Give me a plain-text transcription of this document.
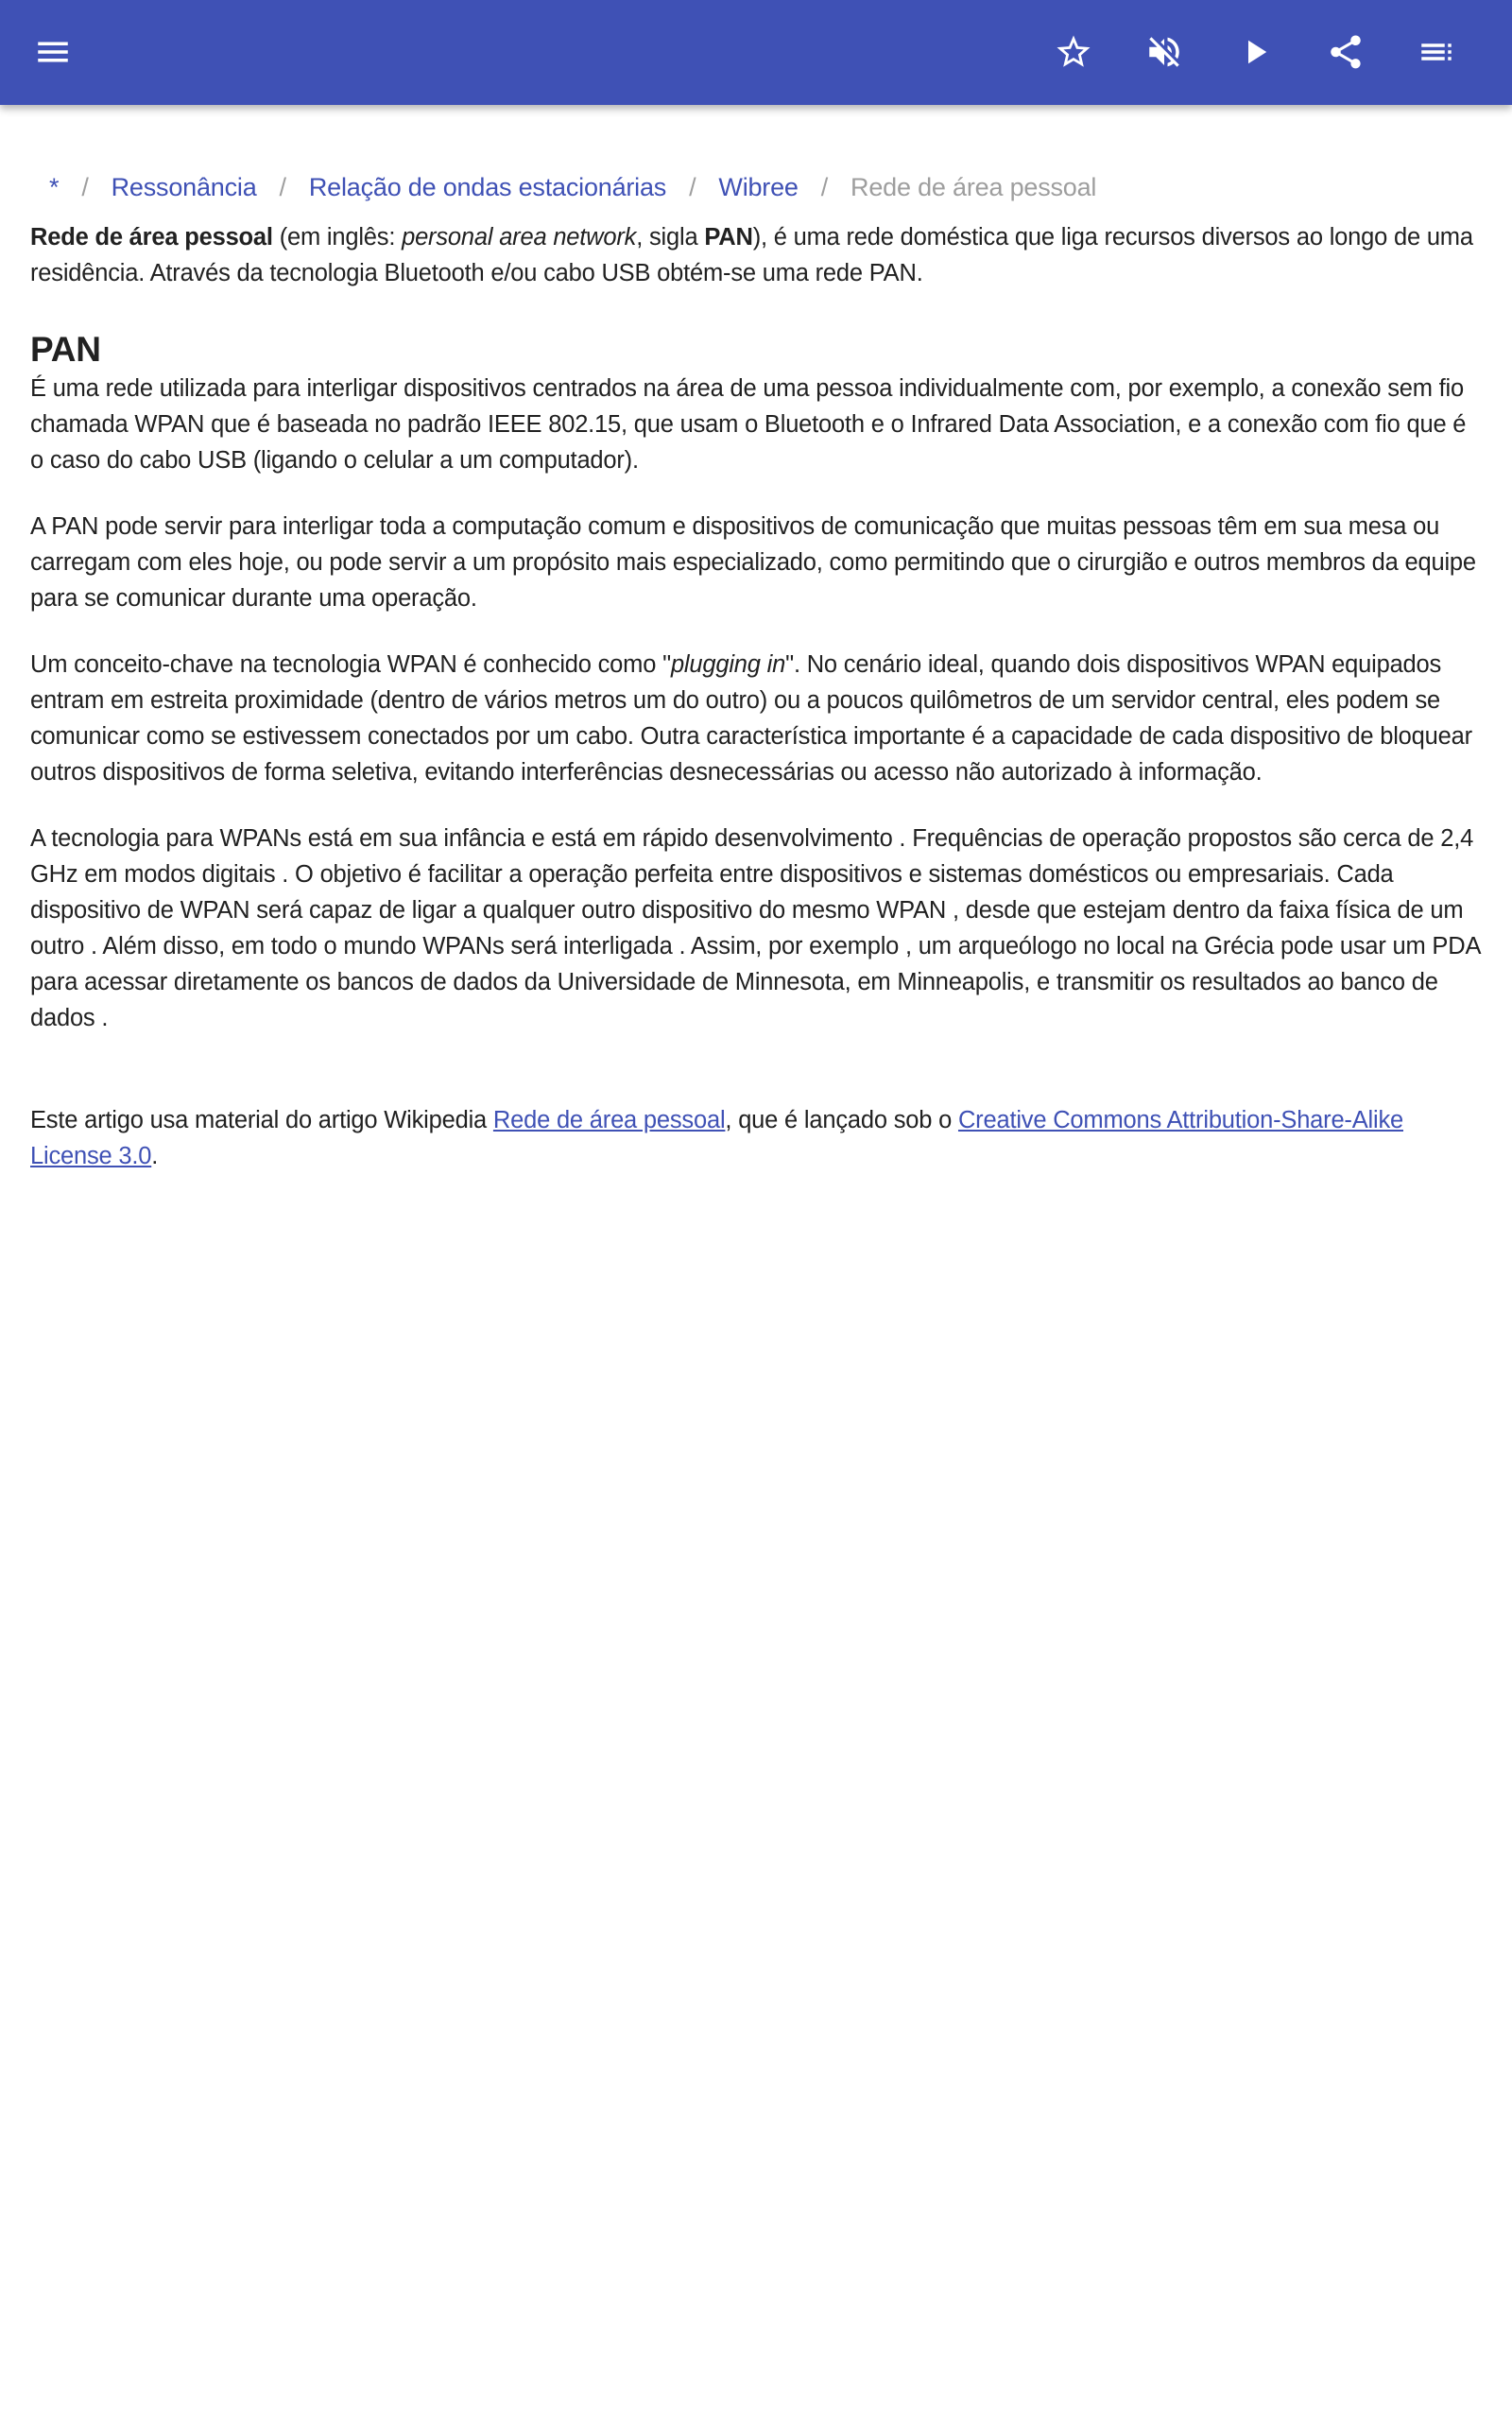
* / Ressonância / Relação de ondas estacionárias / Wibree / Rede de área pessoal

Rede de área pessoal (em inglês: personal area network, sigla PAN), é uma rede doméstica que liga recursos diversos ao longo de uma residência. Através da tecnologia Bluetooth e/ou cabo USB obtém-se uma rede PAN.

PAN

É uma rede utilizada para interligar dispositivos centrados na área de uma pessoa individualmente com, por exemplo, a conexão sem fio chamada WPAN que é baseada no padrão IEEE 802.15, que usam o Bluetooth e o Infrared Data Association, e a conexão com fio que é o caso do cabo USB (ligando o celular a um computador).

A PAN pode servir para interligar toda a computação comum e dispositivos de comunicação que muitas pessoas têm em sua mesa ou carregam com eles hoje, ou pode servir a um propósito mais especializado, como permitindo que o cirurgião e outros membros da equipe para se comunicar durante uma operação.

Um conceito-chave na tecnologia WPAN é conhecido como "plugging in". No cenário ideal, quando dois dispositivos WPAN equipados entram em estreita proximidade (dentro de vários metros um do outro) ou a poucos quilômetros de um servidor central, eles podem se comunicar como se estivessem conectados por um cabo. Outra característica importante é a capacidade de cada dispositivo de bloquear outros dispositivos de forma seletiva, evitando interferências desnecessárias ou acesso não autorizado à informação.

A tecnologia para WPANs está em sua infância e está em rápido desenvolvimento . Frequências de operação propostos são cerca de 2,4 GHz em modos digitais . O objetivo é facilitar a operação perfeita entre dispositivos e sistemas domésticos ou empresariais. Cada dispositivo de WPAN será capaz de ligar a qualquer outro dispositivo do mesmo WPAN , desde que estejam dentro da faixa física de um outro . Além disso, em todo o mundo WPANs será interligada . Assim, por exemplo , um arqueólogo no local na Grécia pode usar um PDA para acessar diretamente os bancos de dados da Universidade de Minnesota, em Minneapolis, e transmitir os resultados ao banco de dados .

Este artigo usa material do artigo Wikipedia Rede de área pessoal, que é lançado sob o Creative Commons Attribution-Share-Alike License 3.0.
